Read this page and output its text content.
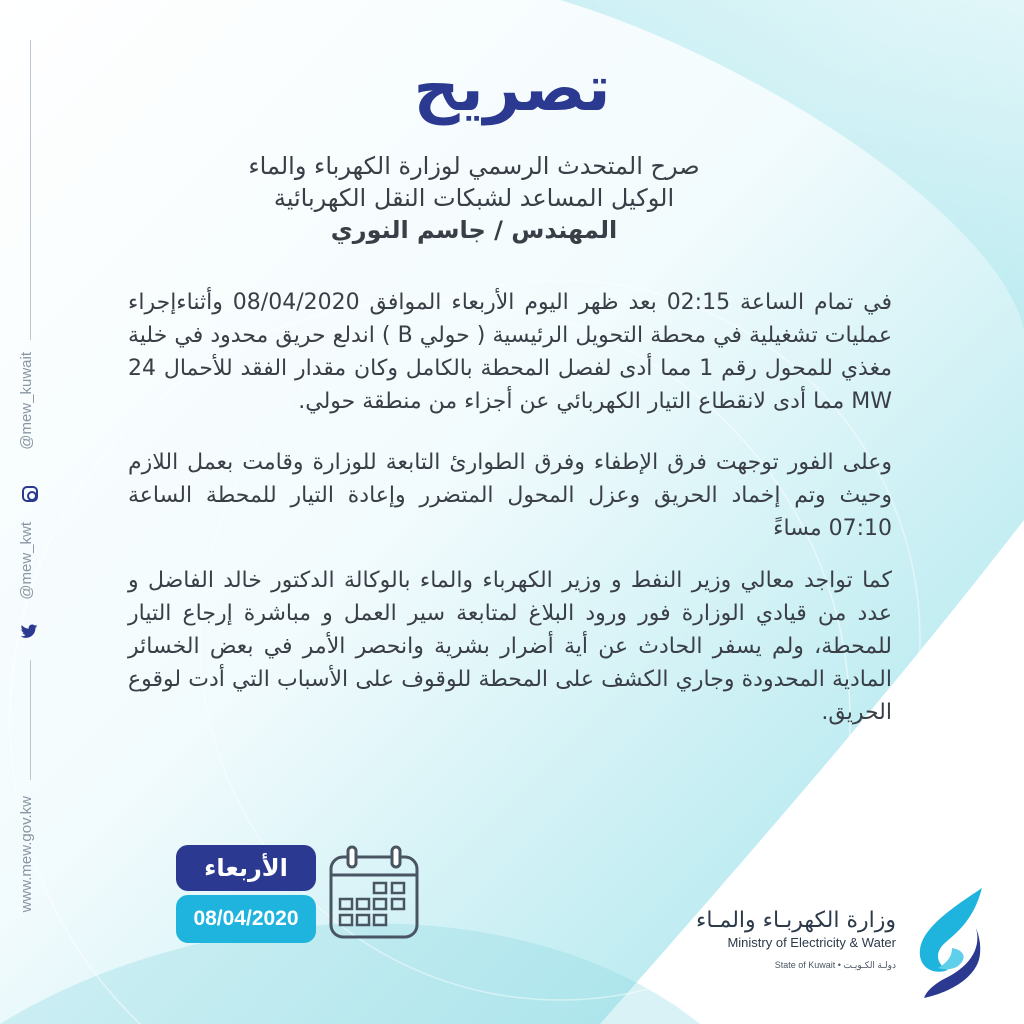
@mew_kuwait
@mew_kwt
www.mew.gov.kw
تصريح
صرح المتحدث الرسمي لوزارة الكهرباء والماء
الوكيل المساعد لشبكات النقل الكهربائية
المهندس / جاسم النوري
في تمام الساعة 02:15 بعد ظهر اليوم الأربعاء الموافق 08/04/2020 وأثناءإجراء عمليات تشغيلية في محطة التحويل الرئيسية ( حولي B ) اندلع حريق محدود في خلية مغذي للمحول رقم 1 مما أدى لفصل المحطة بالكامل وكان مقدار الفقد للأحمال 24 MW مما أدى لانقطاع التيار الكهربائي عن أجزاء من منطقة حولي.
وعلى الفور توجهت فرق الإطفاء وفرق الطوارئ التابعة للوزارة وقامت بعمل اللازم وحيث وتم إخماد الحريق وعزل المحول المتضرر وإعادة التيار للمحطة الساعة 07:10 مساءً
كما تواجد معالي وزير النفط و وزير الكهرباء والماء بالوكالة الدكتور خالد الفاضل و عدد من قيادي الوزارة فور ورود البلاغ لمتابعة سير العمل و مباشرة إرجاع التيار للمحطة، ولم يسفر الحادث عن أية أضرار بشرية وانحصر الأمر في بعض الخسائر المادية المحدودة وجاري الكشف على المحطة للوقوف على الأسباب التي أدت لوقوع الحريق.
الأربعاء
08/04/2020	وزارة الكهربـاء والمـاء
Ministry of Electricity & Water
State of Kuwait • دولـة الكـويـت
